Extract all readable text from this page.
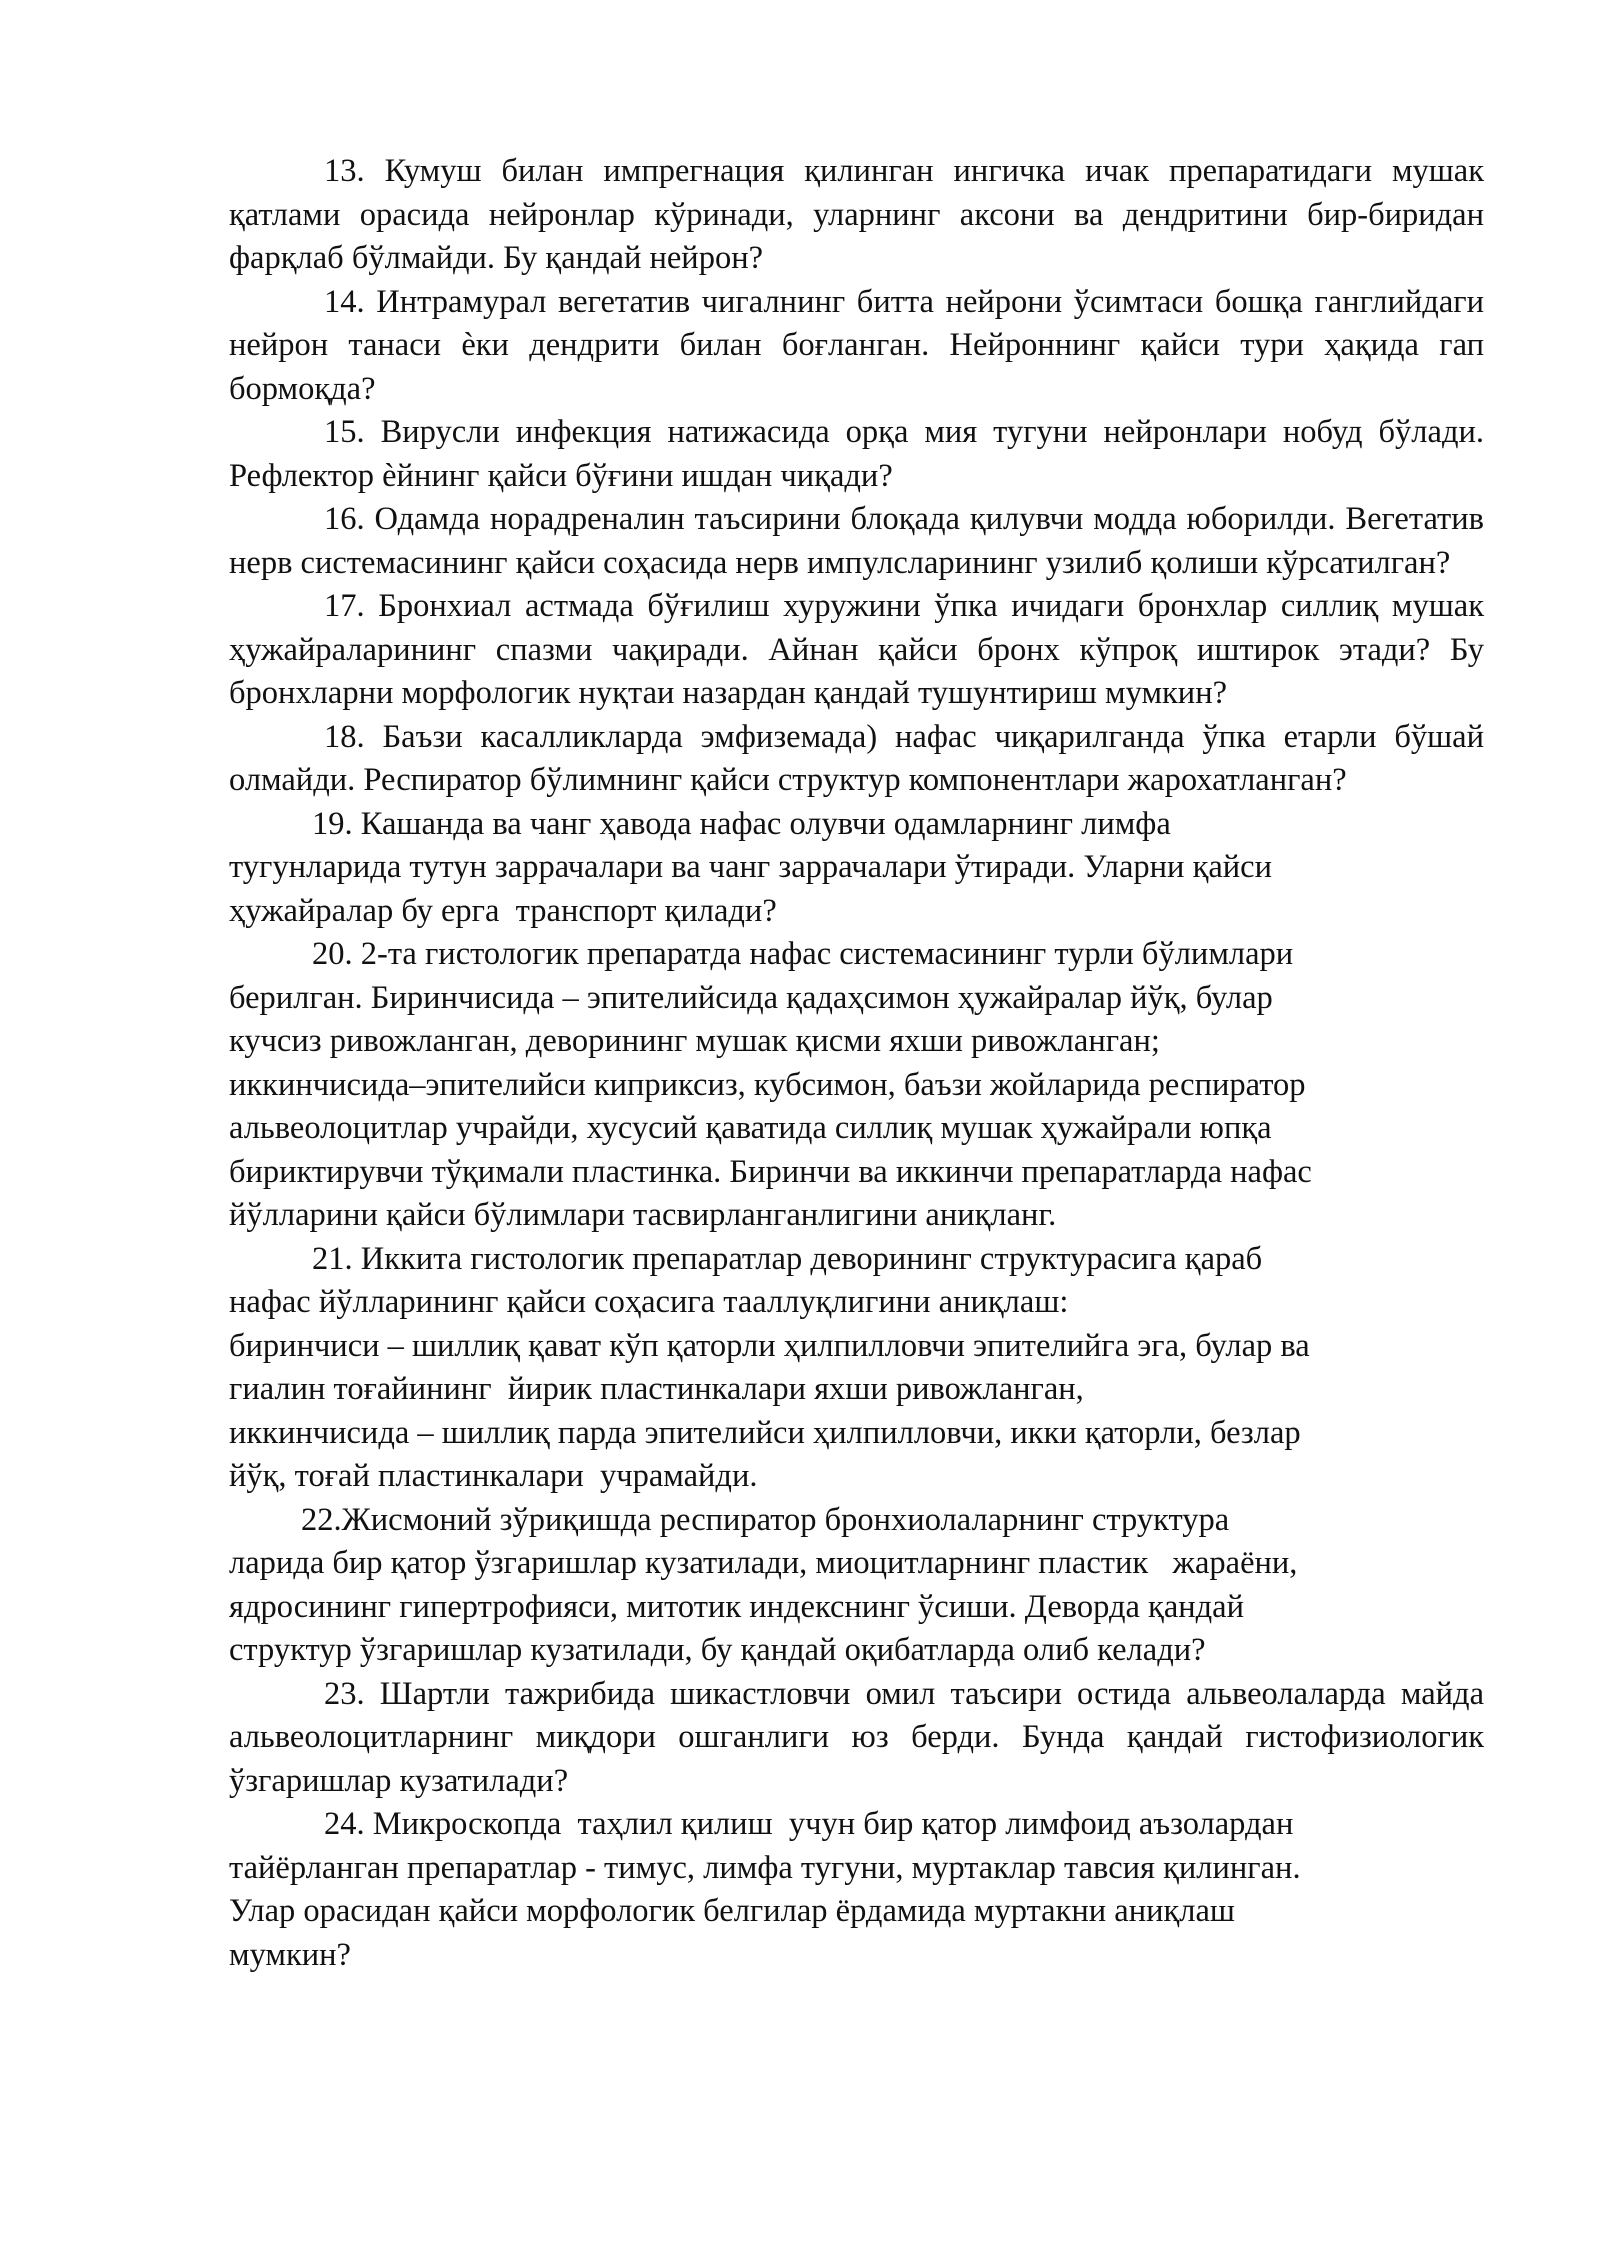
13. Кумуш билан импрегнация қилинган ингичка ичак препаратидаги мушак қатлами орасида нейронлар кўринади, уларнинг аксони ва дендритини бир-биридан фарқлаб бўлмайди. Бу қандай нейрон?

14. Интрамурал вегетатив чигалнинг битта нейрони ўсимтаси бошқа ганглийдаги нейрон танаси ѐки дендрити билан боғланган. Нейроннинг қайси тури ҳақида гап бормоқда?

15. Вирусли инфекция натижасида орқа мия тугуни нейронлари нобуд бўлади. Рефлектор ѐйнинг қайси бўғини ишдан чиқади?

16. Одамда норадреналин таъсирини блоқада қилувчи модда юборилди. Вегетатив нерв системасининг қайси соҳасида нерв импулсларининг узилиб қолиши кўрсатилган?

17. Бронхиал астмада бўғилиш хуружини ўпка ичидаги бронхлар силлиқ мушак ҳужайраларининг спазми чақиради. Айнан қайси бронх кўпроқ иштирок этади? Бу бронхларни морфологик нуқтаи назардан қандай тушунтириш мумкин?

18. Баъзи касалликларда эмфиземада) нафас чиқарилганда ўпка етарли бўшай олмайди. Респиратор бўлимнинг қайси структур компонентлари жарохатланган?

19. Кашанда ва чанг ҳавода нафас олувчи одамларнинг лимфа
тугунларида тутун заррачалари ва чанг заррачалари ўтиради. Уларни қайси
ҳужайралар бу ерга  транспорт қилади?

20. 2-та гистологик препаратда нафас системасининг турли бўлимлари
берилган. Биринчисида – эпителийсида қадаҳсимон ҳужайралар йўқ, булар
кучсиз ривожланган, деворининг мушак қисми яхши ривожланган;
иккинчисида–эпителийси киприксиз, кубсимон, баъзи жойларида респиратор
альвеолоцитлар учрайди, хусусий қаватида силлиқ мушак ҳужайрали юпқа
бириктирувчи тўқимали пластинка. Биринчи ва иккинчи препаратларда нафас
йўлларини қайси бўлимлари тасвирланганлигини аниқланг.

21. Иккита гистологик препаратлар деворининг структурасига қараб
нафас йўлларининг қайси соҳасига тааллуқлигини аниқлаш:
биринчиси – шиллиқ қават кўп қаторли ҳилпилловчи эпителийга эга, булар ва
гиалин тоғайининг  йирик пластинкалари яхши ривожланган,
иккинчисида – шиллиқ парда эпителийси ҳилпилловчи, икки қаторли, безлар
йўқ, тоғай пластинкалари  учрамайди.

22.Жисмоний зўриқишда респиратор бронхиолаларнинг структура
ларида бир қатор ўзгаришлар кузатилади, миоцитларнинг пластик   жараёни,
ядросининг гипертрофияси, митотик индекснинг ўсиши. Деворда қандай
структур ўзгаришлар кузатилади, бу қандай оқибатларда олиб келади?

23. Шартли тажрибида шикастловчи омил таъсири остида альвеолаларда майда альвеолоцитларнинг миқдори ошганлиги юз берди. Бунда қандай гистофизиологик ўзгаришлар кузатилади?

24. Микроскопда  таҳлил қилиш  учун бир қатор лимфоид аъзолардан
тайёрланган препаратлар - тимус, лимфа тугуни, муртаклар тавсия қилинган.
Улар орасидан қайси морфологик белгилар ёрдамида муртакни аниқлаш
мумкин?
